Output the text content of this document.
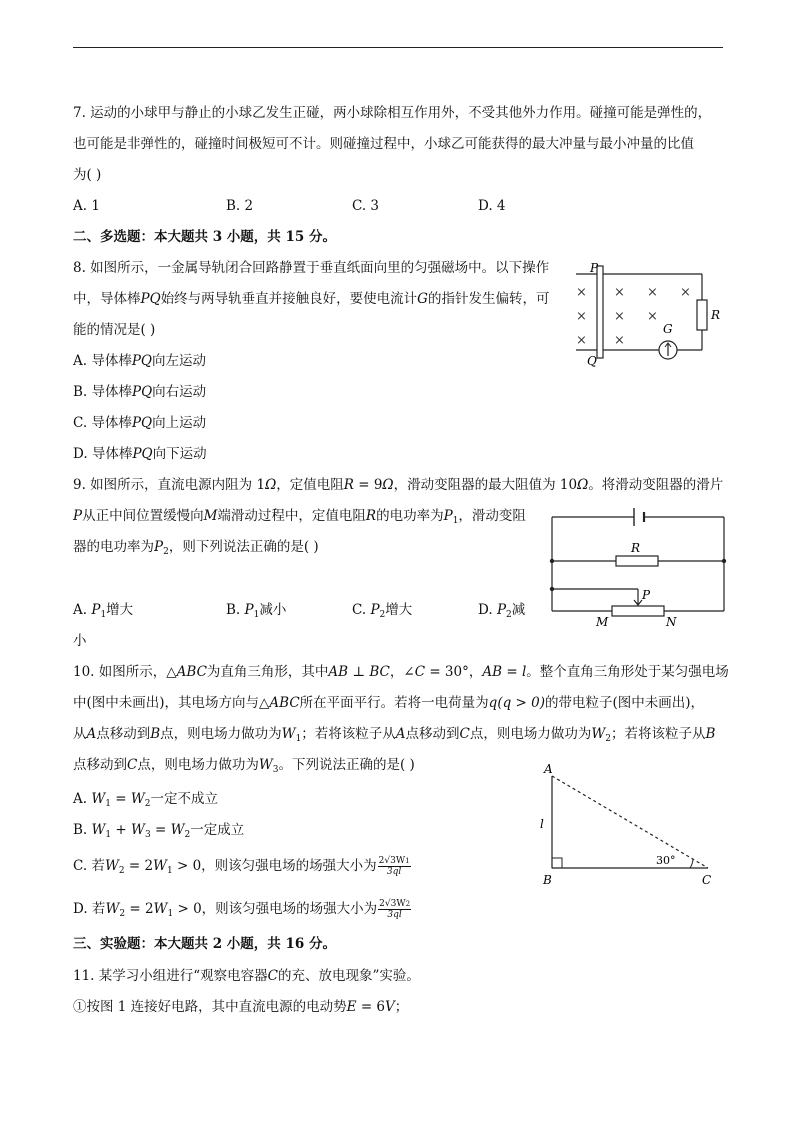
7. 运动的小球甲与静止的小球乙发生正碰，两小球除相互作用外，不受其他外力作用。碰撞可能是弹性的，
也可能是非弹性的，碰撞时间极短可不计。则碰撞过程中，小球乙可能获得的最大冲量与最小冲量的比值
为( )
A. 1	B. 2	C. 3	D. 4
二、多选题：本大题共 3 小题，共 15 分。
8. 如图所示，一金属导轨闭合回路静置于垂直纸面向里的匀强磁场中。以下操作
中，导体棒PQ始终与两导轨垂直并接触良好，要使电流计G的指针发生偏转，可
能的情况是( )
A. 导体棒PQ向左运动
B. 导体棒PQ向右运动
C. 导体棒PQ向上运动
D. 导体棒PQ向下运动
P
Q
R
G
× × × ×
× × ×
× ×
9. 如图所示，直流电源内阻为 1Ω，定值电阻R = 9Ω，滑动变阻器的最大阻值为 10Ω。将滑动变阻器的滑片
P从正中间位置缓慢向M端滑动过程中，定值电阻R的电功率为$P_1$，滑动变阻
器的电功率为$P_2$，则下列说法正确的是( )
A. $P_1$增大	B. $P_1$减小	C. $P_2$增大	D. $P_2$减
小
R
P
M	N
10. 如图所示，△ABC为直角三角形，其中AB ⊥ BC，∠C = 30°，AB = l。整个直角三角形处于某匀强电场
中(图中未画出)，其电场方向与△ABC所在平面平行。若将一电荷量为q(q > 0)的带电粒子(图中未画出)，
从A点移动到B点，则电场力做功为$W_1$；若将该粒子从A点移动到C点，则电场力做功为$W_2$；若将该粒子从B
点移动到C点，则电场力做功为$W_3$。下列说法正确的是( )
A. $W_1 = W_2$一定不成立
B. $W_1 + W_3 = W_2$一定成立
C. 若$W_2 = 2W_1 > 0$，则该匀强电场的场强大小为 $\frac{2√3W1}{3ql}$
D. 若$W_2 = 2W_1 > 0$，则该匀强电场的场强大小为 $\frac{2√3W2}{3ql}$
A
B	C
l
30°
三、实验题：本大题共 2 小题，共 16 分。
11. 某学习小组进行“观察电容器C的充、放电现象”实验。
①按图 1 连接好电路，其中直流电源的电动势E = 6V；
